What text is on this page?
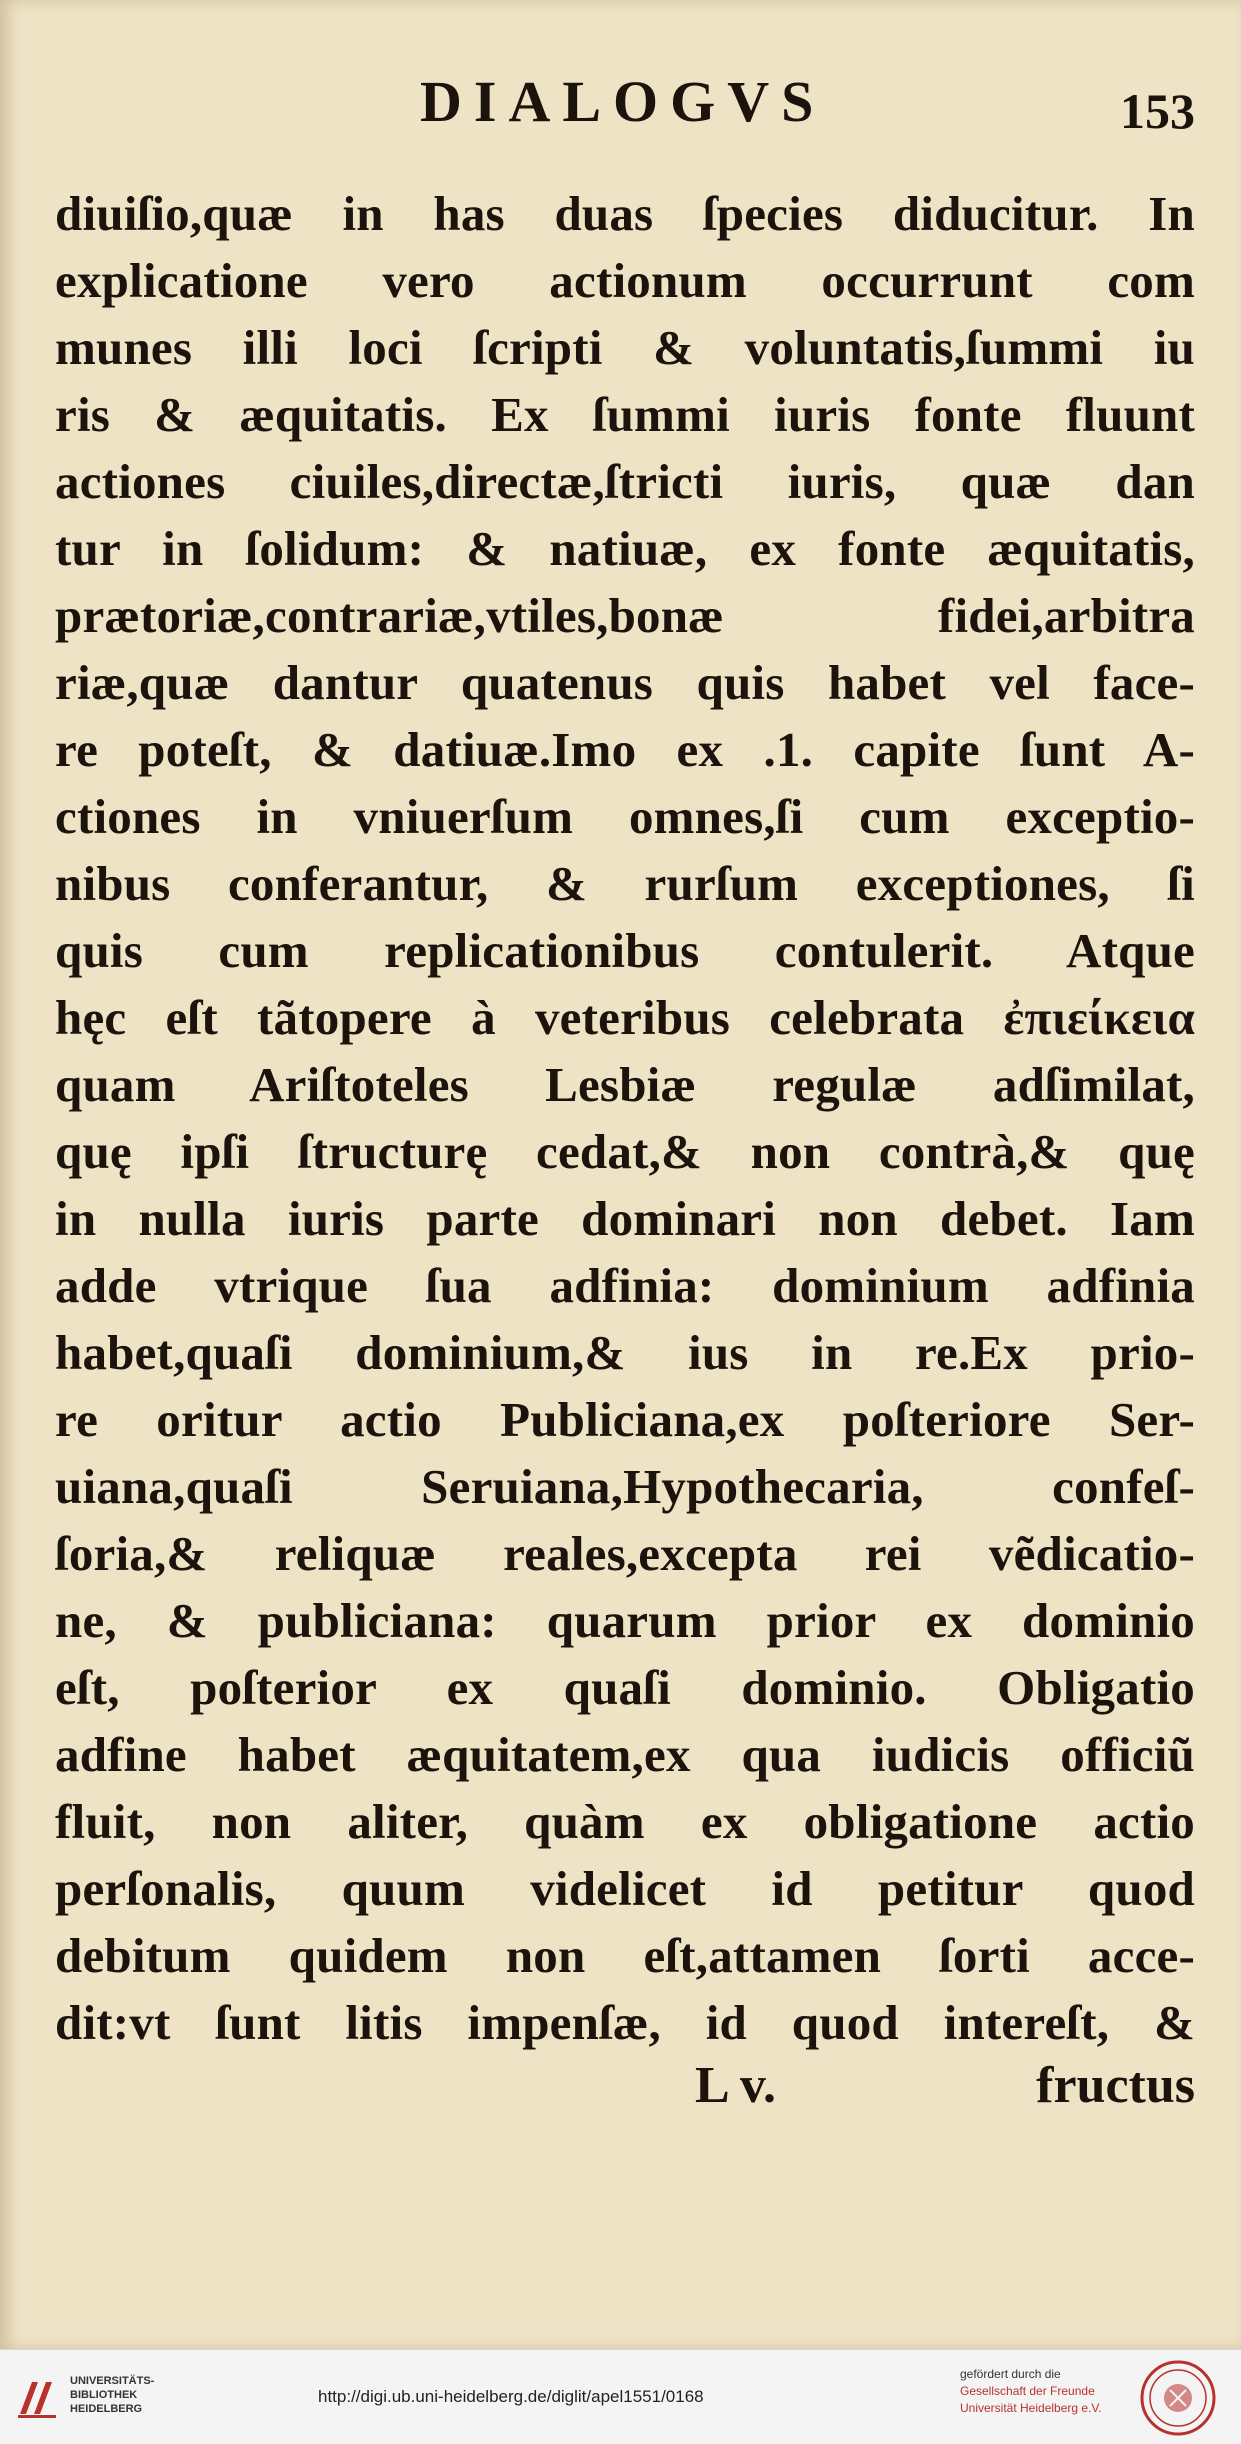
DIALOGVS	153
diuiſio,quæ in has duas ſpecies diducitur. In
explicatione vero actionum occurrunt com
munes illi loci ſcripti & voluntatis,ſummi iu
ris & æquitatis. Ex ſummi iuris fonte fluunt
actiones ciuiles,directæ,ſtricti iuris, quæ dan
tur in ſolidum: & natiuæ, ex fonte æquitatis,
prætoriæ,contrariæ,vtiles,bonæ fidei,arbitra
riæ,quæ dantur quatenus quis habet vel face-
re poteſt, & datiuæ.Imo ex .1. capite ſunt A-
ctiones in vniuerſum omnes,ſi cum exceptio-
nibus conferantur, & rurſum exceptiones, ſi
quis cum replicationibus contulerit. Atque
hęc eſt tãtopere à veteribus celebrata ἐπιείκεια
quam Ariſtoteles Lesbiæ regulæ adſimilat,
quę ipſi ſtructurę cedat,& non contrà,& quę
in nulla iuris parte dominari non debet. Iam
adde vtrique ſua adfinia: dominium adfinia
habet,quaſi dominium,& ius in re.Ex prio-
re oritur actio Publiciana,ex poſteriore Ser-
uiana,quaſi Seruiana,Hypothecaria, confeſ-
ſoria,& reliquæ reales,excepta rei vẽdicatio-
ne, & publiciana: quarum prior ex dominio
eſt, poſterior ex quaſi dominio. Obligatio
adfine habet æquitatem,ex qua iudicis officiũ
fluit, non aliter, quàm ex obligatione actio
perſonalis, quum videlicet id petitur quod
debitum quidem non eſt,attamen ſorti acce-
dit:vt ſunt litis impenſæ, id quod intereſt, &
L v.	fructus
UNIVERSITÄTS-
BIBLIOTHEK
HEIDELBERG
http://digi.ub.uni-heidelberg.de/diglit/apel1551/0168
gefördert durch die
Gesellschaft der Freunde
Universität Heidelberg e.V.
